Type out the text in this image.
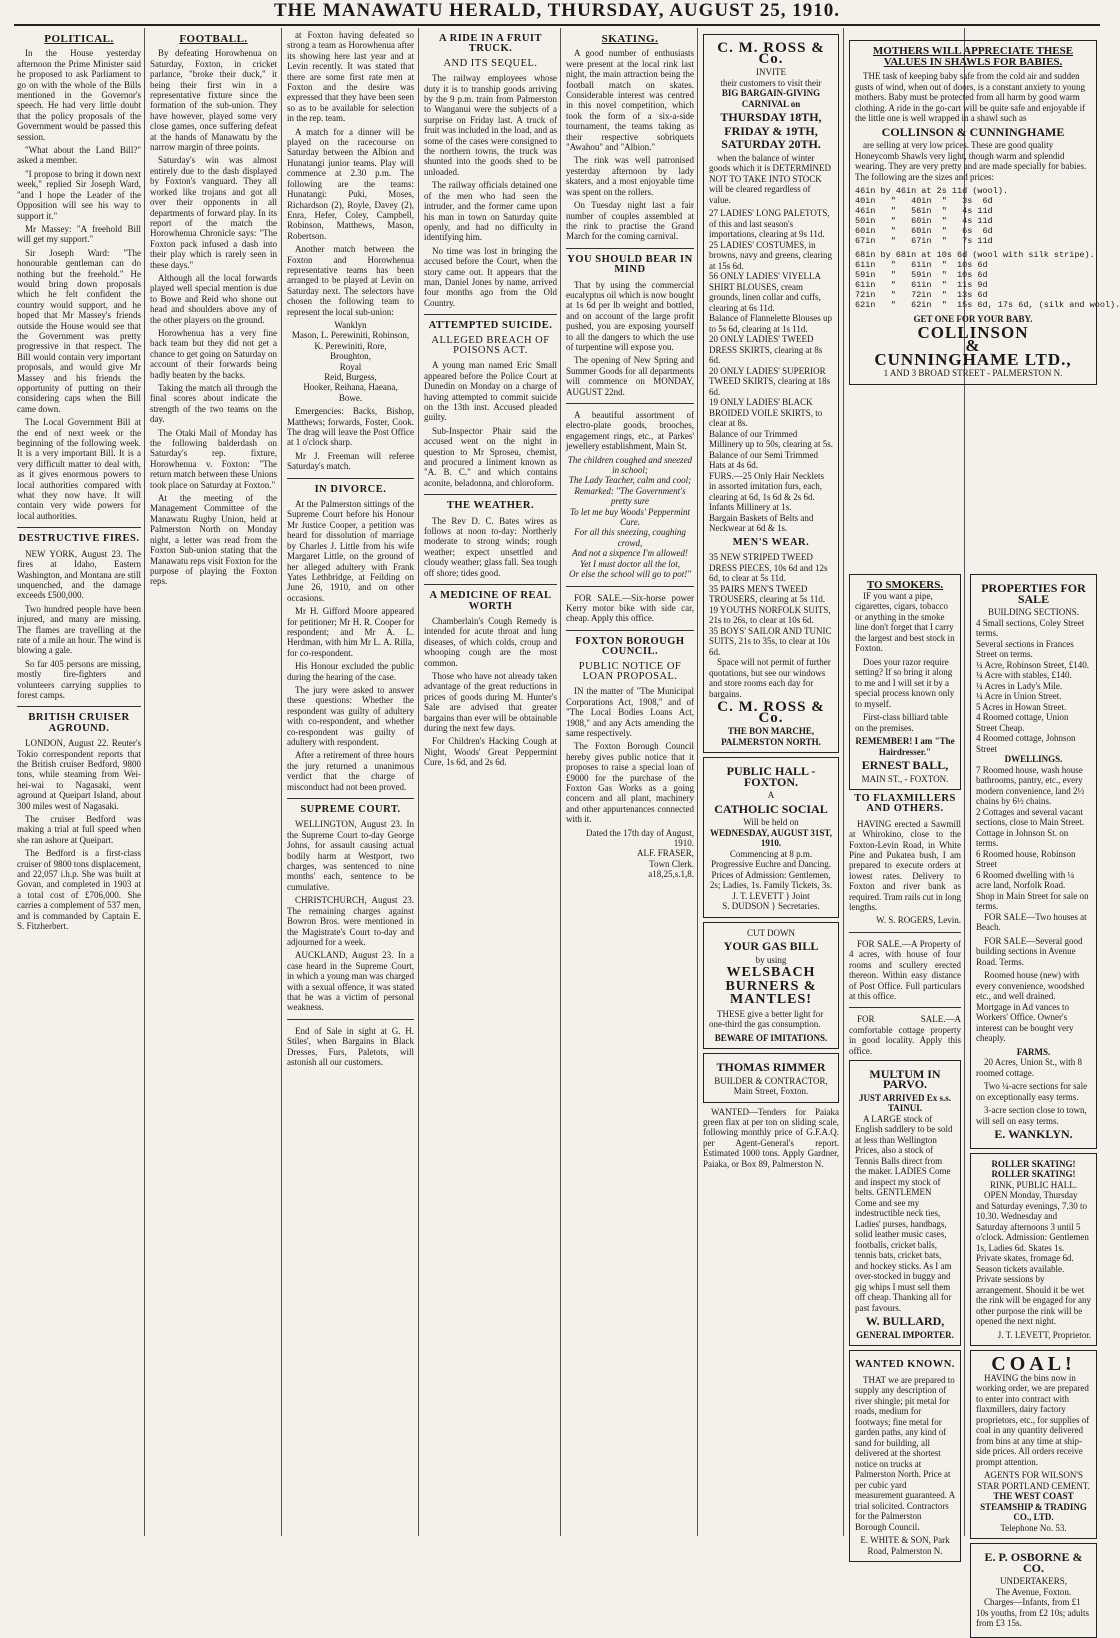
THE MANAWATU HERALD, THURSDAY, AUGUST 25, 1910.
POLITICAL.

In the House yesterday afternoon the Prime Minister said he proposed to ask Parliament to go on with the whole of the Bills mentioned in the Governor's speech. He had very little doubt that the policy proposals of the Government would be passed this session.

"What about the Land Bill?" asked a member.

"I propose to bring it down next week," replied Sir Joseph Ward, "and I hope the Leader of the Opposition will see his way to support it."

Mr Massey: "A freehold Bill will get my support."

Sir Joseph Ward: "The honourable gentleman can do nothing but the freehold." He would bring down proposals which he felt confident the country would support, and he hoped that Mr Massey's friends outside the House would see that the Government was pretty progressive in that respect. The Bill would contain very important proposals, and would give Mr Massey and his friends the opportunity of putting on their considering caps when the Bill came down.

The Local Government Bill at the end of next week or the beginning of the following week. It is a very important Bill. It is a very difficult matter to deal with, as it gives enormous powers to local authorities compared with what they now have. It will contain very wide powers for local authorities.

DESTRUCTIVE FIRES.

NEW YORK, August 23. The fires at Idaho, Eastern Washington, and Montana are still unquenched, and the damage exceeds £500,000.

Two hundred people have been injured, and many are missing. The flames are travelling at the rate of a mile an hour. The wind is blowing a gale.

So far 405 persons are missing, mostly fire-fighters and volunteers carrying supplies to forest camps.

BRITISH CRUISER AGROUND.

LONDON, August 22. Reuter's Tokio correspondent reports that the British cruiser Bedford, 9800 tons, while steaming from Wei-hei-wai to Nagasaki, went aground at Queipart Island, about 300 miles west of Nagasaki.

The cruiser Bedford was making a trial at full speed when she ran ashore at Queipart.

The Bedford is a first-class cruiser of 9800 tons displacement, and 22,057 i.h.p. She was built at Govan, and completed in 1903 at a total cost of £706,000. She carries a complement of 537 men, and is commanded by Captain E. S. Fitzherbert.

FOOTBALL.

By defeating Horowhenua on Saturday, Foxton, in cricket parlance, "broke their duck," it being their first win in a representative fixture since the formation of the sub-union. They have however, played some very close games, once suffering defeat at the hands of Manawatu by the narrow margin of three points.

Saturday's win was almost entirely due to the dash displayed by Foxton's vanguard. They all worked like trojans and got all over their opponents in all departments of forward play. In its report of the match the Horowhenua Chronicle says: "The Foxton pack infused a dash into their play which is rarely seen in these days."

Although all the local forwards played well special mention is due to Bowe and Reid who shone out head and shoulders above any of the other players on the ground.

Horowhenua has a very fine back team but they did not get a chance to get going on Saturday on account of their forwards being badly beaten by the backs.

Taking the match all through the final scores about indicate the strength of the two teams on the day.

The Otaki Mail of Monday has the following balderdash on Saturday's rep. fixture, Horowhenua v. Foxton: "The return match between these Unions took place on Saturday at Foxton."

At the meeting of the Management Committee of the Manawatu Rugby Union, held at Palmerston North on Monday night, a letter was read from the Foxton Sub-union stating that the Manawatu reps visit Foxton for the purpose of playing the Foxton reps.

at Foxton having defeated so strong a team as Horowhenua after its showing here last year and at Levin recently. It was stated that there are some first rate men at Foxton and the desire was expressed that they have been seen so as to be available for selection in the rep. team.

A match for a dinner will be played on the racecourse on Saturday between the Albion and Hunatangi junior teams. Play will commence at 2.30 p.m. The following are the teams: Hunatangi: Puki, Moses, Richardson (2), Royle, Davey (2), Enra, Hefer, Coley, Campbell, Robinson, Matthews, Mason, Robertson.

Another match between the Foxton and Horowhenua representative teams has been arranged to be played at Levin on Saturday next. The selectors have chosen the following team to represent the local sub-union:

Wanklyn
Mason, L. Perewiniti, Robinson,
K. Perewiniti, Rore,
Broughton,
Royal
Reid, Burgess,
Hooker, Reihana, Haeana,
Bowe.

Emergencies: Backs, Bishop, Matthews; forwards, Foster, Cook. The drag will leave the Post Office at 1 o'clock sharp.

Mr J. Freeman will referee Saturday's match.

IN DIVORCE.

At the Palmerston sittings of the Supreme Court before his Honour Mr Justice Cooper, a petition was heard for dissolution of marriage by Charles J. Little from his wife Margaret Little, on the ground of her alleged adultery with Frank Yates Lethbridge, at Feilding on June 26, 1910, and on other occasions.

Mr H. Gifford Moore appeared for petitioner; Mr H. R. Cooper for respondent; and Mr A. L. Herdman, with him Mr L. A. Rilla, for co-respondent.

His Honour excluded the public during the hearing of the case.

The jury were asked to answer these questions: Whether the respondent was guilty of adultery with co-respondent, and whether co-respondent was guilty of adultery with respondent.

After a retirement of three hours the jury returned a unanimous verdict that the charge of misconduct had not been proved.

SUPREME COURT.

WELLINGTON, August 23. In the Supreme Court to-day George Johns, for assault causing actual bodily harm at Westport, two charges, was sentenced to nine months' each, sentence to be cumulative.

CHRISTCHURCH, August 23. The remaining charges against Bowron Bros. were mentioned in the Magistrate's Court to-day and adjourned for a week.

AUCKLAND, August 23. In a case heard in the Supreme Court, in which a young man was charged with a sexual offence, it was stated that he was a victim of personal weakness.

End of Sale in sight at G. H. Stiles', when Bargains in Black Dresses, Furs, Paletots, will astonish all our customers.

A RIDE IN A FRUIT TRUCK.
AND ITS SEQUEL.

The railway employees whose duty it is to tranship goods arriving by the 9 p.m. train from Palmerston to Wanganui were the subjects of a surprise on Friday last. A truck of fruit was included in the load, and as some of the cases were consigned to the northern towns, the truck was shunted into the goods shed to be unloaded.

The railway officials detained one of the men who had seen the intruder, and the former came upon his man in town on Saturday quite openly, and had no difficulty in identifying him.

No time was lost in bringing the accused before the Court, when the story came out. It appears that the man, Daniel Jones by name, arrived four months ago from the Old Country.

ATTEMPTED SUICIDE.
ALLEGED BREACH OF POISONS ACT.

A young man named Eric Small appeared before the Police Court at Dunedin on Monday on a charge of having attempted to commit suicide on the 13th inst. Accused pleaded guilty.

Sub-Inspector Phair said the accused went on the night in question to Mr Sproseu, chemist, and procured a liniment known as "A. B. C." and which contains aconite, beladonna, and chloroform.

THE WEATHER.

The Rev D. C. Bates wires as follows at noon to-day: Northerly moderate to strong winds; rough weather; expect unsettled and cloudy weather; glass fall. Sea tough off shore; tides good.

A MEDICINE OF REAL WORTH

Chamberlain's Cough Remedy is intended for acute throat and lung diseases, of which colds, croup and whooping cough are the most common.

Those who have not already taken advantage of the great reductions in prices of goods during M. Hunter's Sale are advised that greater bargains than ever will be obtainable during the next few days.

For Children's Hacking Cough at Night, Woods' Great Peppermint Cure, 1s 6d, and 2s 6d.

SKATING.

A good number of enthusiasts were present at the local rink last night, the main attraction being the football match on skates. Considerable interest was centred in this novel competition, which took the form of a six-a-side tournament, the teams taking as their respective sobriquets "Awahou" and "Albion."

The rink was well patronised yesterday afternoon by lady skaters, and a most enjoyable time was spent on the rollers.

On Tuesday night last a fair number of couples assembled at the rink to practise the Grand March for the coming carnival.

YOU SHOULD BEAR IN MIND

That by using the commercial eucalyptus oil which is now bought at 1s 6d per lb weight and bottled, and on account of the large profit pushed, you are exposing yourself to all the dangers to which the use of turpentine will expose you.

The opening of New Spring and Summer Goods for all departments will commence on MONDAY, AUGUST 22nd.

A beautiful assortment of electro-plate goods, brooches, engagement rings, etc., at Parkes' jewellery establishment, Main St.

The children coughed and sneezed in school;
The Lady Teacher, calm and cool;
Remarked: "The Government's pretty sure
To let me buy Woods' Peppermint Cure.
For all this sneezing, coughing crowd,
And not a sixpence I'm allowed!
Yet I must doctor all the lot,
Or else the school will go to pot!"

FOR SALE.—Six-horse power Kerry motor bike with side car, cheap. Apply this office.

FOXTON BOROUGH COUNCIL.
PUBLIC NOTICE OF LOAN PROPOSAL.

IN the matter of "The Municipal Corporations Act, 1908," and of "The Local Bodies Loans Act, 1908," and any Acts amending the same respectively.

The Foxton Borough Council hereby gives public notice that it proposes to raise a special loan of £9000 for the purchase of the Foxton Gas Works as a going concern and all plant, machinery and other appurtenances connected with it.

Dated the 17th day of August, 1910.
ALF. FRASER,
Town Clerk.
a18,25,s.1,8.
C. M. ROSS & Co.
INVITE
their customers to visit their
BIG BARGAIN-GIVING CARNIVAL on
THURSDAY 18TH,
FRIDAY & 19TH,
SATURDAY 20TH.

when the balance of winter goods which it is DETERMINED NOT TO TAKE INTO STOCK will be cleared regardless of value.

27 LADIES' LONG PALETOTS, of this and last season's importations, clearing at 9s 11d.
25 LADIES' COSTUMES, in browns, navy and greens, clearing at 15s 6d.
56 ONLY LADIES' VIYELLA SHIRT BLOUSES, cream grounds, linen collar and cuffs, clearing at 6s 11d.
Balance of Flannelette Blouses up to 5s 6d, clearing at 1s 11d.
20 ONLY LADIES' TWEED DRESS SKIRTS, clearing at 8s 6d.
20 ONLY LADIES' SUPERIOR TWEED SKIRTS, clearing at 18s 6d.
19 ONLY LADIES' BLACK BROIDED VOILE SKIRTS, to clear at 8s.
Balance of our Trimmed Millinery up to 50s, clearing at 5s.
Balance of our Semi Trimmed Hats at 4s 6d.
FURS.—25 Only Hair Necklets in assorted imitation furs, each, clearing at 6d, 1s 6d & 2s 6d.
Infants Millinery at 1s.
Bargain Baskets of Belts and Neckwear at 6d & 1s.
MEN'S WEAR.
35 NEW STRIPED TWEED DRESS PIECES, 10s 6d and 12s 6d, to clear at 5s 11d.
35 PAIRS MEN'S TWEED TROUSERS, clearing at 5s 11d.
19 YOUTHS NORFOLK SUITS, 21s to 26s, to clear at 10s 6d.
35 BOYS' SAILOR AND TUNIC SUITS, 21s to 35s, to clear at 10s 6d.

Space will not permit of further quotations, but see our windows and store rooms each day for bargains.

C. M. ROSS & Co.
THE BON MARCHE,
PALMERSTON NORTH.
PUBLIC HALL - FOXTON.
A
CATHOLIC SOCIAL
Will be held on
WEDNESDAY, AUGUST 31ST, 1910.
Commencing at 8 p.m.
Progressive Euchre and Dancing.
Prices of Admission: Gentlemen, 2s; Ladies, 1s. Family Tickets, 3s.
J. T. LEVETT } Joint
S. DUDSON } Secretaries.
CUT DOWN
YOUR GAS BILL
by using
WELSBACH
BURNERS &
MANTLES!

THESE give a better light for one-third the gas consumption.

BEWARE OF IMITATIONS.
THOMAS RIMMER
BUILDER & CONTRACTOR,
Main Street, Foxton.

WANTED—Tenders for Paiaka green flax at per ton on sliding scale, following monthly price of G.F.A.Q. per Agent-General's report. Estimated 1000 tons. Apply Gardner, Paiaka, or Box 89, Palmerston N.

MOTHERS WILL APPRECIATE THESE
VALUES IN SHAWLS FOR BABIES.

THE task of keeping baby safe from the cold air and sudden gusts of wind, when out of doors, is a constant anxiety to young mothers. Baby must be protected from all harm by good warm clothing. A ride in the go-cart will be quite safe and enjoyable if the little one is well wrapped in a shawl such as

COLLINSON & CUNNINGHAME

are selling at very low prices. These are good quality Honeycomb Shawls very light, though warm and splendid wearing. They are very pretty and are made specially for babies. The following are the sizes and prices:

46in by 46in at 2s 11d (wool).
40in   "   40in  "   3s  6d
46in   "   56in  "   4s 11d
50in   "   60in  "   4s 11d
60in   "   60in  "   6s  6d
67in   "   67in  "   7s 11d
68in by 68in at 10s 6d (wool with silk stripe).
61in   "   61in  "  10s 6d
59in   "   59in  "  10s 6d
61in   "   61in  "  11s 9d
72in   "   72in  "  13s 6d
62in   "   62in  "  15s 6d, 17s 6d, (silk and wool).
GET ONE FOR YOUR BABY.
COLLINSON
&
CUNNINGHAME LTD.,
1 AND 3 BROAD STREET - PALMERSTON N.
TO SMOKERS.

IF you want a pipe, cigarettes, cigars, tobacco or anything in the smoke line don't forget that I carry the largest and best stock in Foxton.

Does your razor require setting? If so bring it along to me and I will set it by a special process known only to myself.

First-class billiard table on the premises.

REMEMBER! I am "The Hairdresser."
ERNEST BALL,
MAIN ST., - FOXTON.
TO FLAXMILLERS AND OTHERS.

HAVING erected a Sawmill at Whirokino, close to the Foxton-Levin Road, in White Pine and Pukatea bush, I am prepared to execute orders at lowest rates. Delivery to Foxton and river bank as required. Tram rails cut in long lengths.

W. S. ROGERS, Levin.

FOR SALE.—A Property of 4 acres, with house of four rooms and scullery erected thereon. Within easy distance of Post Office. Full particulars at this office.

FOR SALE.—A comfortable cottage property in good locality. Apply this office.

MULTUM IN PARVO.
JUST ARRIVED Ex s.s. TAINUI.

A LARGE stock of English saddlery to be sold at less than Wellington Prices, also a stock of Tennis Balls direct from the maker. LADIES Come and inspect my stock of belts. GENTLEMEN Come and see my indestructible neck ties, Ladies' purses, handbags, solid leather music cases, footballs, cricket balls, tennis bats, cricket bats, and hockey sticks. As I am over-stocked in buggy and gig whips I must sell them off cheap. Thanking all for past favours.

W. BULLARD,
GENERAL IMPORTER.
WANTED KNOWN.

THAT we are prepared to supply any description of river shingle; pit metal for roads, medium for footways; fine metal for garden paths, any kind of sand for building, all delivered at the shortest notice on trucks at Palmerston North. Price at per cubic yard measurement guaranteed. A trial solicited. Contractors for the Palmerston Borough Council.

E. WHITE & SON, Park Road, Palmerston N.
PROPERTIES FOR SALE
BUILDING SECTIONS.
4 Small sections, Coley Street terms.
Several sections in Frances Street on terms.
¼ Acre, Robinson Street, £140. ¼ Acre with stables, £140.
¼ Acres in Lady's Mile.
¼ Acre in Union Street.
5 Acres in Howan Street.
4 Roomed cottage, Union Street Cheap.
4 Roomed cottage, Johnson Street
DWELLINGS.
7 Roomed house, wash house bathrooms, pantry, etc., every modern convenience, land 2½ chains by 6½ chains.
2 Cottages and several vacant sections, close to Main Street.
Cottage in Johnson St. on terms.
6 Roomed house, Robinson Street
6 Roomed dwelling with ¼ acre land, Norfolk Road.
Shop in Main Street for sale on terms.

FOR SALE—Two houses at Beach.

FOR SALE—Several good building sections in Avenue Road. Terms.

Roomed house (new) with every convenience, woodshed etc., and well drained. Mortgage in Ad vances to Workers' Office. Owner's interest can be bought very cheaply.

FARMS.

20 Acres, Union St., with 8 roomed cottage.

Two ¼-acre sections for sale on exceptionally easy terms.

3-acre section close to town, will sell on easy terms.

E. WANKLYN.
ROLLER SKATING! ROLLER SKATING!
RINK, PUBLIC HALL.

OPEN Monday, Thursday and Saturday evenings, 7.30 to 10.30. Wednesday and Saturday afternoons 3 until 5 o'clock. Admission: Gentlemen 1s, Ladies 6d. Skates 1s. Private skates, fromage 6d. Season tickets available. Private sessions by arrangement. Should it be wet the rink will be engaged for any other purpose the rink will be opened the next night.

J. T. LEVETT, Proprietor.
COAL!

HAVING the bins now in working order, we are prepared to enter into contract with flaxmillers, dairy factory proprietors, etc., for supplies of coal in any quantity delivered from bins at any time at ship-side prices. All orders receive prompt attention.

AGENTS FOR WILSON'S STAR PORTLAND CEMENT.
THE WEST COAST STEAMSHIP & TRADING CO., LTD.
Telephone No. 53.
E. P. OSBORNE & CO.
UNDERTAKERS,
The Avenue, Foxton.

Charges—Infants, from £1 10s youths, from £2 10s; adults from £3 15s.
